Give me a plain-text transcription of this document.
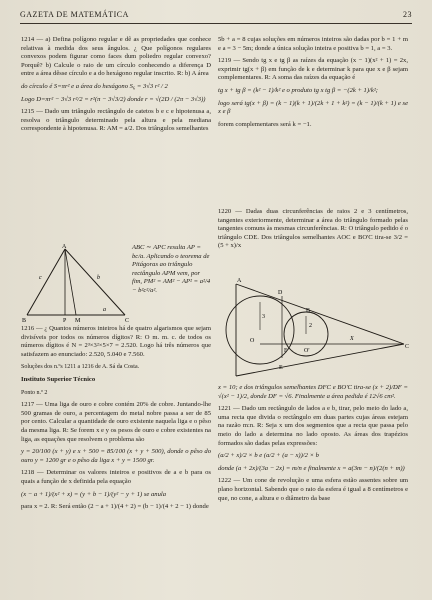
GAZETA DE MATEMÁTICA	23

1214 — a) Defina polígono regular e dê as propriedades que conhece relativas à medida dos seus ângulos. ¿ Que polígonos regulares convexos podem figurar como faces dum poliedro regular convexo? Porquê? b) Calcule o raio de um círculo conhecendo a diferença D entre a área dêsse círculo e a do hexágono regular inscrito. R: b) A área

do círculo é S=πr² e a área do hexágono S₆ = 3√3 r² / 2

Logo D=πr² − 3√3 r²/2 = r²(π − 3√3/2) donde r = √(2D / (2π − 3√3))

1215 — Dado um triângulo rectângulo de catetos b e c e hipotenusa a, resolva o triângulo determinado pela altura e pela mediana correspondente à hipotenusa. R: AM = a/2. Dos triângulos semelhantes

A
B	C
P M
a
b
c

ABC ∼ APC resulta AP = bc/a. Aplicando o teorema de Pitágoras ao triângulo rectângulo APM vem, por fim, PM² = AM² − AP² = a²/4 − b²c²/a².

1216 — ¿ Quantos números inteiros há de quatro algarismos que sejam divisíveis por todos os números dígitos? R: O m. m. c. de todos os números dígitos é N = 2³×3²×5×7 = 2.520. Logo há três números que satisfazem ao enunciado: 2.520, 5.040 e 7.560.

Soluções dos n.ºs 1211 a 1216 de A. Sá da Costa.

Instituto Superior Técnico

Ponto n.º 2

1217 — Uma liga de ouro e cobre contém 20% de cobre. Juntando-lhe 500 gramas de ouro, a percentagem do metal nobre passa a ser de 85 por cento. Calcular a quantidade de ouro existente naquela liga e o pêso da mesma liga. R: Se forem x e y os pesos de ouro e cobre existentes na liga, as equações que resolvem o problema são

y = 20/100 (x + y) e x + 500 = 85/100 (x + y + 500), donde o pêso do ouro y = 1200 gr e o pêso da liga x + y = 1500 gr.

1218 — Determinar os valores inteiros e positivos de a e b para os quais a função de x definida pela equação

(x − a + 1)/(x² + x) = (y + b − 1)/(y² − y + 1) se anula

para x = 2. R: Será então (2 − a + 1)/(4 + 2) = (b − 1)/(4 + 2 − 1) donde

5b + a = 8 cujas soluções em números inteiros são dadas por b = 1 + m e a = 3 − 5m; donde a única solução inteira e positiva b = 1, a = 3.

1219 — Sendo tg x e tg β as raízes da equação (x − 1)(x² + 1) = 2x, exprimir tg(x + β) em função de k e determinar k para que x e β sejam complementares. R: A soma das raízes da equação é

tg x + tg β = (k² − 1)/k² e o produto tg x tg β = −(2k + 1)/k²;

logo será tg(x + β) = (k − 1)(k + 1)/(2k + 1 + k²) = (k − 1)/(k + 1) e se x e β

forem complementares será k = −1.

A
D
B
O
F	O'
E
C
2
3
X

1220 — Dadas duas circunferências de raios 2 e 3 centímetros, tangentes exteriormente, determinar a área do triângulo formado pelas tangentes comuns às mesmas circunferências. R: O triângulo pedido é o triângulo CDE. Dos triângulos semelhantes AOC e BO'C tira-se 3/2 = (5 + x)/x

x = 10; e dos triângulos semelhantes DFC e BO'C tira-se (x + 2)/DF = √(x² − 1)/2, donde DF = √6. Finalmente a área pedida é 12√6 cm².

1221 — Dado um rectângulo de lados a e b, tirar, pelo meio do lado a, uma recta que divida o rectângulo em duas partes cujas áreas estejam na razão m:n. R: Seja x um dos segmentos que a recta que passa pelo meio do lado a determina no lado oposto. As áreas dos trapézios formados são dadas pelas expressões:

(a/2 + x)/2 × b e (a/2 + (a − x))/2 × b

donde (a + 2x)/(3a − 2x) = m/n e finalmente x = a(3m − n)/(2(n + m))

1222 — Um cone de revolução e uma esfera estão assentes sobre um plano horizontal. Sabendo que o raio da esfera é igual a 8 centímetros e que, no cone, a altura e o diâmetro da base
